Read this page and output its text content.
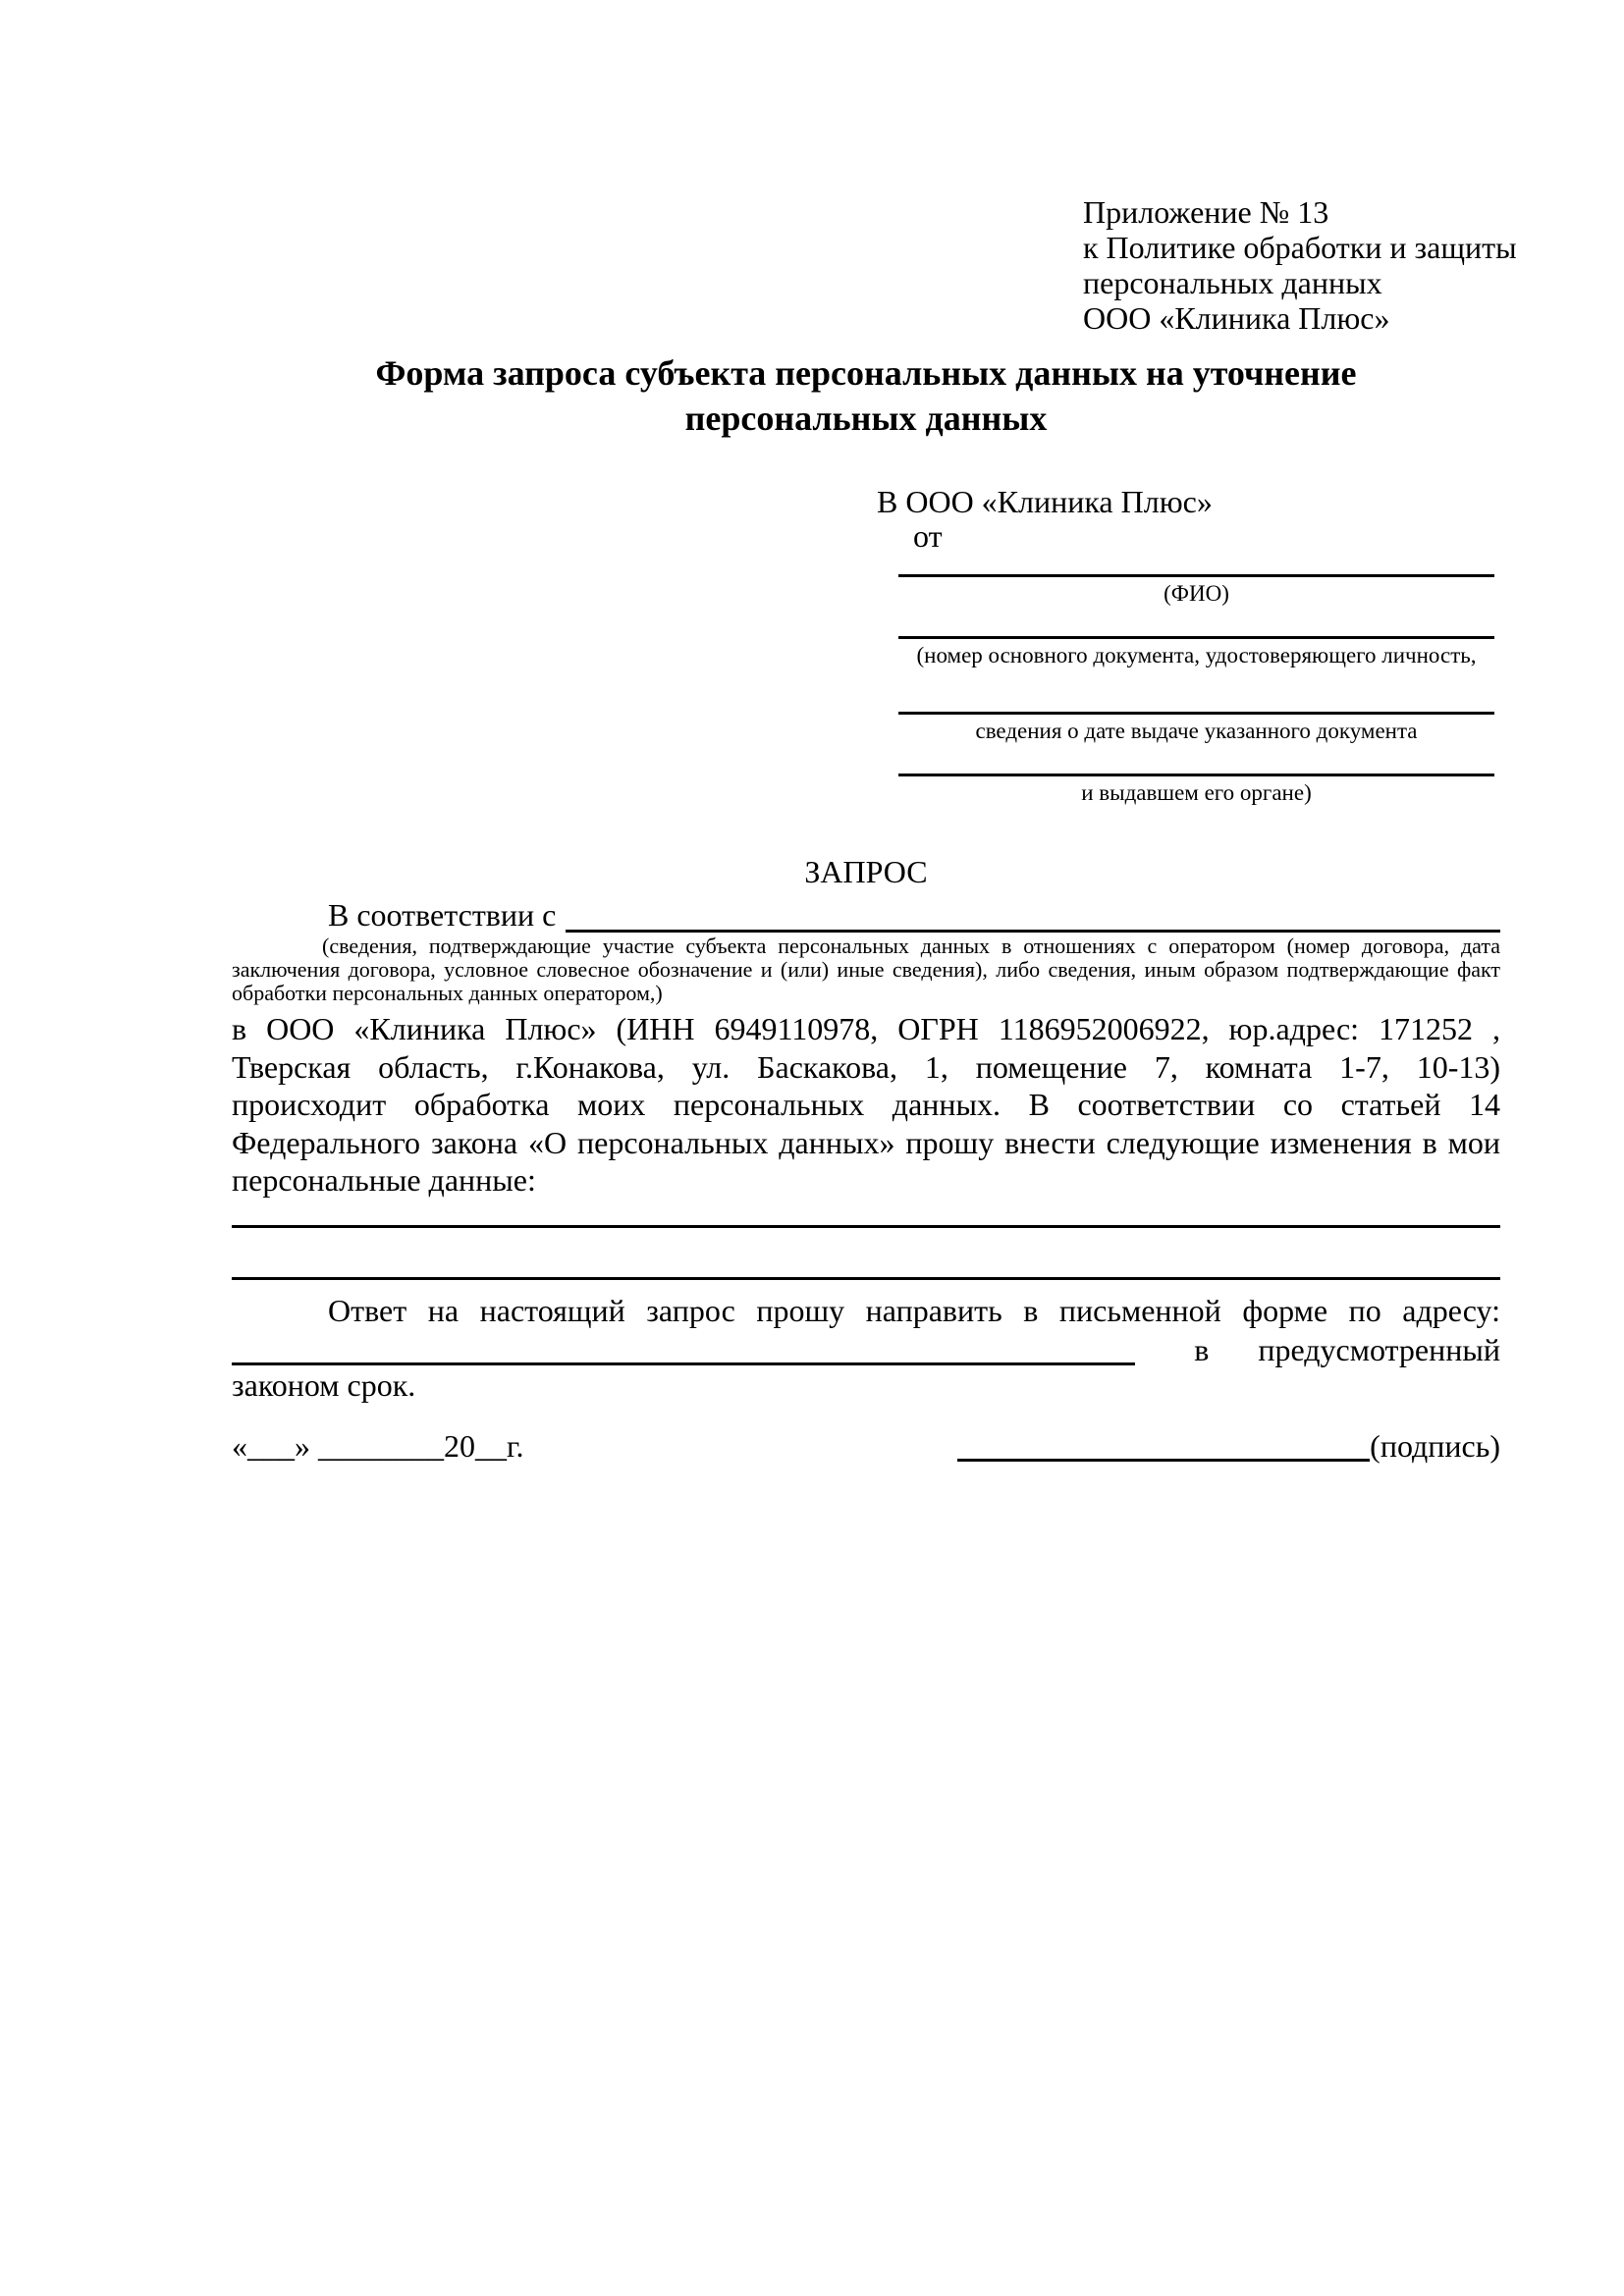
Приложение № 13
к Политике обработки и защиты
персональных данных
ООО «Клиника Плюс»
Форма запроса субъекта персональных данных на уточнение
персональных данных
В ООО «Клиника Плюс»
от
(ФИО)
(номер основного документа, удостоверяющего личность,
сведения о дате выдаче указанного документа
и выдавшем его органе)
ЗАПРОС
В соответствии с
(сведения, подтверждающие участие субъекта персональных данных в отношениях с оператором (номер договора, дата
заключения договора, условное словесное обозначение и (или) иные сведения), либо сведения, иным образом подтверждающие факт
обработки персональных данных оператором,)
в ООО «Клиника Плюс» (ИНН 6949110978, ОГРН 1186952006922, юр.адрес: 171252 ,
Тверская область, г.Конакова, ул. Баскакова, 1, помещение 7, комната 1-7, 10-13)
происходит обработка моих персональных данных. В соответствии со статьей 14
Федерального закона «О персональных данных» прошу внести следующие изменения в мои
персональные данные:
Ответ на настоящий запрос прошу направить в письменной форме по адресу:
в предусмотренный
законом срок.
«___» ________20__г.	(подпись)
